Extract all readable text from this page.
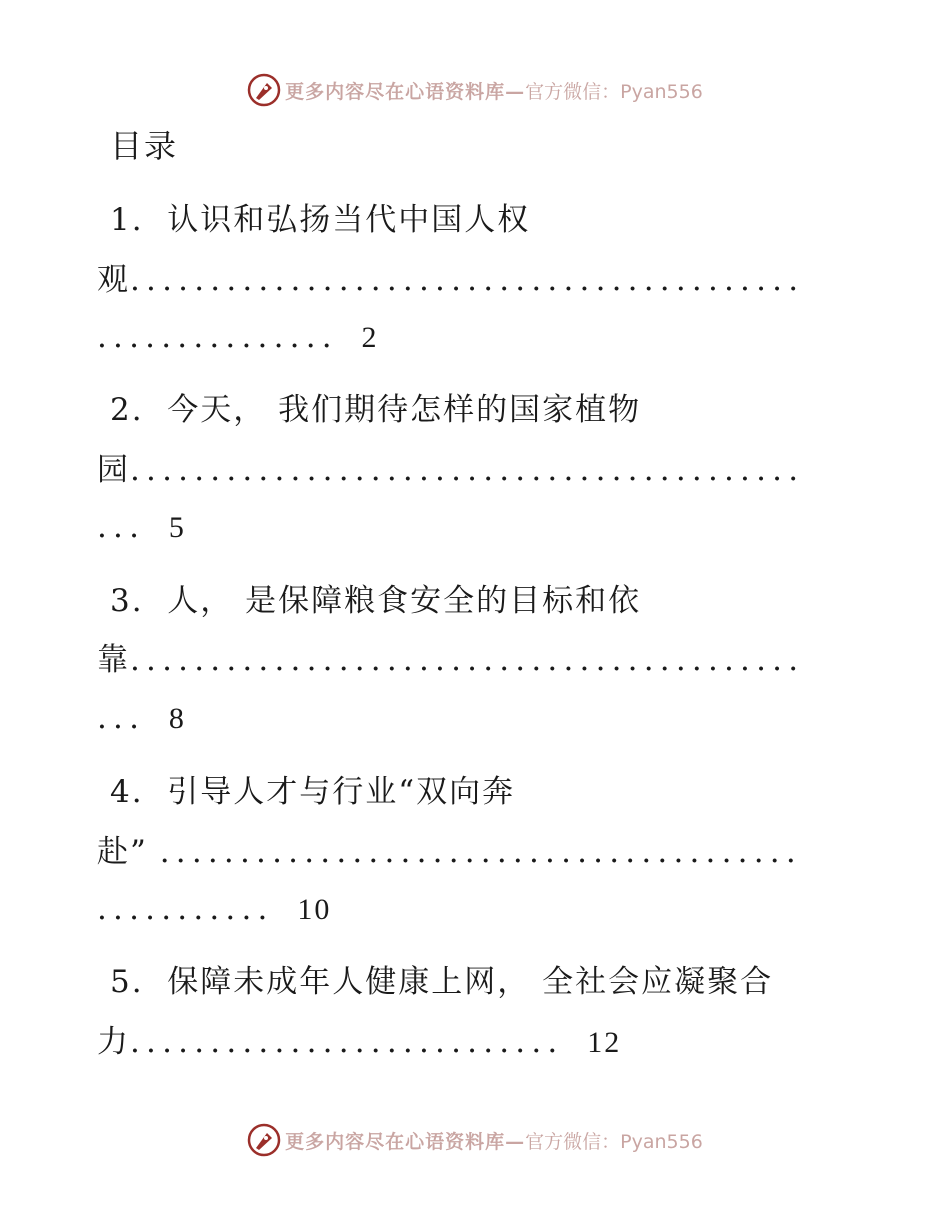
更多内容尽在心语资料库— 官方微信：Pyan556
目录
1. 认识和弘扬当代中国人权
观..........................................
............... 2
2. 今天， 我们期待怎样的国家植物
园..........................................
... 5
3. 人， 是保障粮食安全的目标和依
靠..........................................
... 8
4. 引导人才与行业“双向奔
赴” ........................................
........... 10
5. 保障未成年人健康上网， 全社会应凝聚合
力........................... 12
更多内容尽在心语资料库— 官方微信：Pyan556
